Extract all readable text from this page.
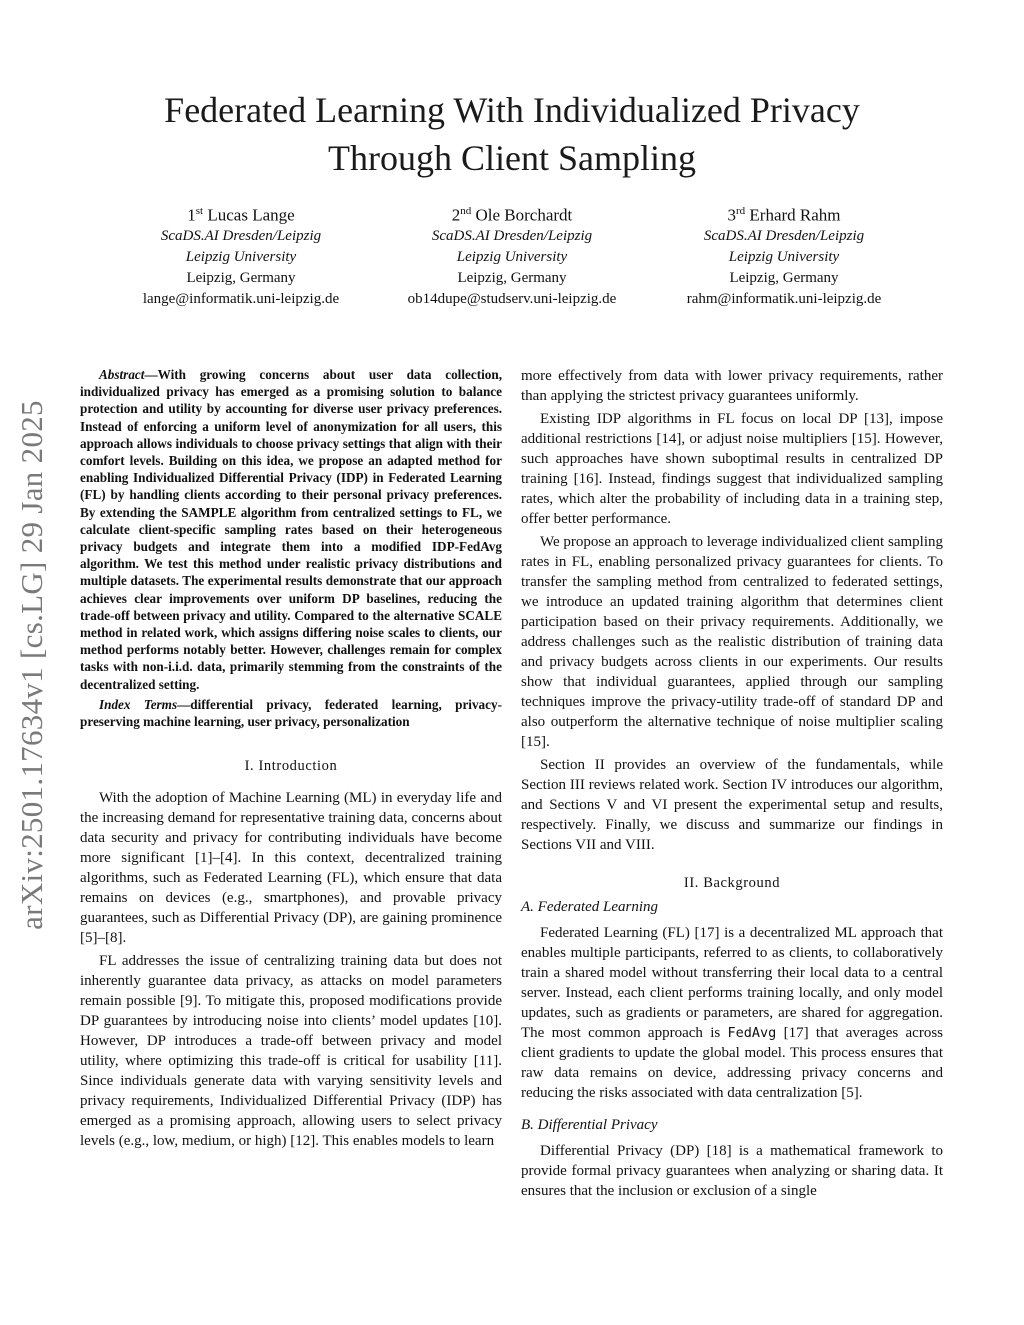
Federated Learning With Individualized Privacy
Through Client Sampling
1st Lucas Lange
ScaDS.AI Dresden/Leipzig
Leipzig University
Leipzig, Germany
lange@informatik.uni-leipzig.de
2nd Ole Borchardt
ScaDS.AI Dresden/Leipzig
Leipzig University
Leipzig, Germany
ob14dupe@studserv.uni-leipzig.de
3rd Erhard Rahm
ScaDS.AI Dresden/Leipzig
Leipzig University
Leipzig, Germany
rahm@informatik.uni-leipzig.de
arXiv:2501.17634v1 [cs.LG] 29 Jan 2025

Abstract—With growing concerns about user data collection, individualized privacy has emerged as a promising solution to balance protection and utility by accounting for diverse user privacy preferences. Instead of enforcing a uniform level of anonymization for all users, this approach allows individuals to choose privacy settings that align with their comfort levels. Building on this idea, we propose an adapted method for enabling Individualized Differential Privacy (IDP) in Federated Learning (FL) by handling clients according to their personal privacy preferences. By extending the SAMPLE algorithm from centralized settings to FL, we calculate client-specific sampling rates based on their heterogeneous privacy budgets and integrate them into a modified IDP-FedAvg algorithm. We test this method under realistic privacy distributions and multiple datasets. The experimental results demonstrate that our approach achieves clear improvements over uniform DP baselines, reducing the trade-off between privacy and utility. Compared to the alternative SCALE method in related work, which assigns differing noise scales to clients, our method performs notably better. However, challenges remain for complex tasks with non-i.i.d. data, primarily stemming from the constraints of the decentralized setting.

Index Terms—differential privacy, federated learning, privacy-preserving machine learning, user privacy, personalization

I. Introduction

With the adoption of Machine Learning (ML) in everyday life and the increasing demand for representative training data, concerns about data security and privacy for contributing individuals have become more significant [1]–[4]. In this context, decentralized training algorithms, such as Federated Learning (FL), which ensure that data remains on devices (e.g., smartphones), and provable privacy guarantees, such as Differential Privacy (DP), are gaining prominence [5]–[8].

FL addresses the issue of centralizing training data but does not inherently guarantee data privacy, as attacks on model parameters remain possible [9]. To mitigate this, proposed modifications provide DP guarantees by introducing noise into clients’ model updates [10]. However, DP introduces a trade-off between privacy and model utility, where optimizing this trade-off is critical for usability [11]. Since individuals generate data with varying sensitivity levels and privacy requirements, Individualized Differential Privacy (IDP) has emerged as a promising approach, allowing users to select privacy levels (e.g., low, medium, or high) [12]. This enables models to learn

more effectively from data with lower privacy requirements, rather than applying the strictest privacy guarantees uniformly.

Existing IDP algorithms in FL focus on local DP [13], impose additional restrictions [14], or adjust noise multipliers [15]. However, such approaches have shown suboptimal results in centralized DP training [16]. Instead, findings suggest that individualized sampling rates, which alter the probability of including data in a training step, offer better performance.

We propose an approach to leverage individualized client sampling rates in FL, enabling personalized privacy guarantees for clients. To transfer the sampling method from centralized to federated settings, we introduce an updated training algorithm that determines client participation based on their privacy requirements. Additionally, we address challenges such as the realistic distribution of training data and privacy budgets across clients in our experiments. Our results show that individual guarantees, applied through our sampling techniques improve the privacy-utility trade-off of standard DP and also outperform the alternative technique of noise multiplier scaling [15].

Section II provides an overview of the fundamentals, while Section III reviews related work. Section IV introduces our algorithm, and Sections V and VI present the experimental setup and results, respectively. Finally, we discuss and summarize our findings in Sections VII and VIII.

II. Background
A. Federated Learning

Federated Learning (FL) [17] is a decentralized ML approach that enables multiple participants, referred to as clients, to collaboratively train a shared model without transferring their local data to a central server. Instead, each client performs training locally, and only model updates, such as gradients or parameters, are shared for aggregation. The most common approach is FedAvg [17] that averages across client gradients to update the global model. This process ensures that raw data remains on device, addressing privacy concerns and reducing the risks associated with data centralization [5].

B. Differential Privacy

Differential Privacy (DP) [18] is a mathematical framework to provide formal privacy guarantees when analyzing or sharing data. It ensures that the inclusion or exclusion of a single
